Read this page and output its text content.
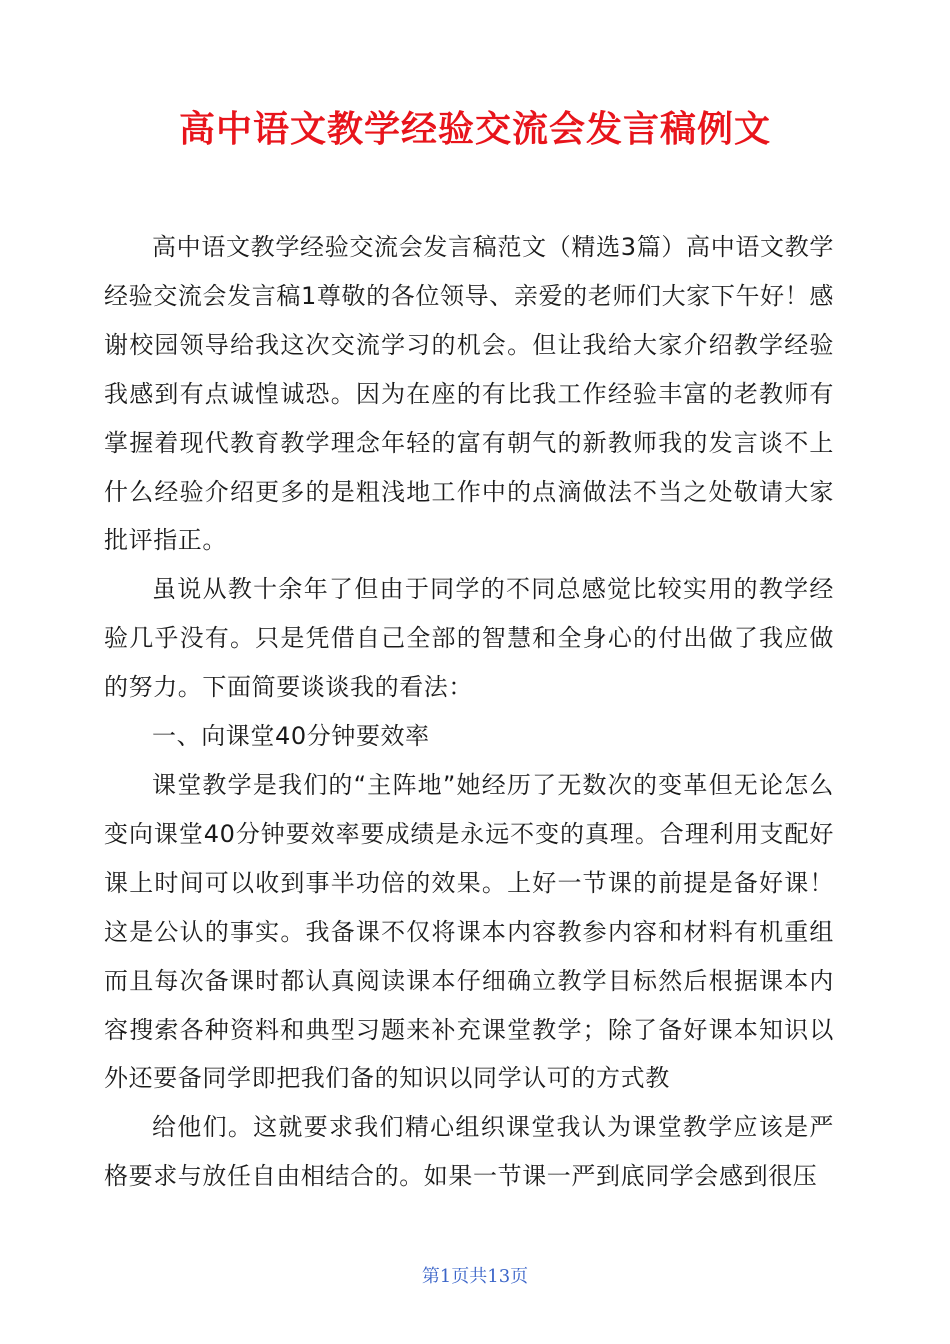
高中语文教学经验交流会发言稿例文

高中语文教学经验交流会发言稿范文（精选3篇）高中语文教学经验交流会发言稿1尊敬的各位领导、亲爱的老师们大家下午好！感谢校园领导给我这次交流学习的机会。但让我给大家介绍教学经验我感到有点诚惶诚恐。因为在座的有比我工作经验丰富的老教师有掌握着现代教育教学理念年轻的富有朝气的新教师我的发言谈不上什么经验介绍更多的是粗浅地工作中的点滴做法不当之处敬请大家批评指正。

虽说从教十余年了但由于同学的不同总感觉比较实用的教学经验几乎没有。只是凭借自己全部的智慧和全身心的付出做了我应做的努力。下面简要谈谈我的看法：

一、向课堂40分钟要效率

课堂教学是我们的“主阵地”她经历了无数次的变革但无论怎么变向课堂40分钟要效率要成绩是永远不变的真理。合理利用支配好课上时间可以收到事半功倍的效果。上好一节课的前提是备好课！这是公认的事实。我备课不仅将课本内容教参内容和材料有机重组而且每次备课时都认真阅读课本仔细确立教学目标然后根据课本内容搜索各种资料和典型习题来补充课堂教学；除了备好课本知识以外还要备同学即把我们备的知识以同学认可的方式教

给他们。这就要求我们精心组织课堂我认为课堂教学应该是严格要求与放任自由相结合的。如果一节课一严到底同学会感到很压

第1页共13页
